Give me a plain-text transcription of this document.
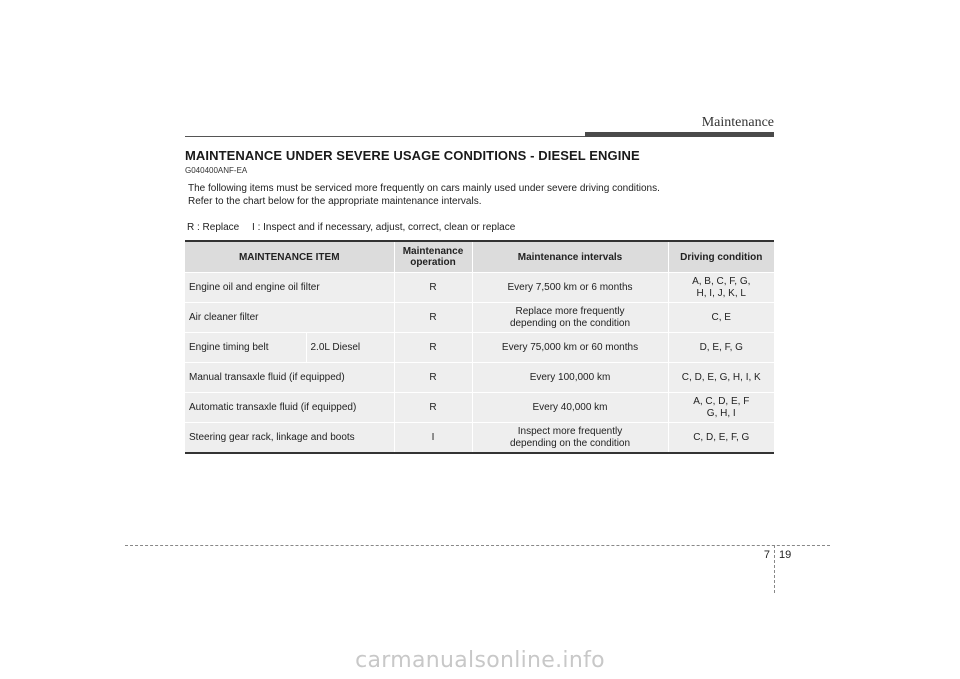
Maintenance
MAINTENANCE UNDER SEVERE USAGE CONDITIONS - DIESEL ENGINE
G040400ANF-EA
The following items must be serviced more frequently on cars mainly used under severe driving conditions.
Refer to the chart below for the appropriate maintenance intervals.
R : Replace I : Inspect and if necessary, adjust, correct, clean or replace
MAINTENANCE ITEM		Maintenance
operation	Maintenance intervals	Driving condition
Engine oil and engine oil filter		R	Every 7,500 km or 6 months	A, B, C, F, G,
H, I, J, K, L

Air cleaner filter		R	Replace more frequently
depending on the condition	C, E
Engine timing belt	2.0L Diesel	R	Every 75,000 km or 60 months	D, E, F, G
Manual transaxle fluid (if equipped)		R	Every 100,000 km	C, D, E, G, H, I, K
Automatic transaxle fluid (if equipped)		R	Every 40,000 km	A, C, D, E, F
G, H, I

Steering gear rack, linkage and boots		I	Inspect more frequently
depending on the condition	C, D, E, F, G
7 19
carmanualsonline.info
